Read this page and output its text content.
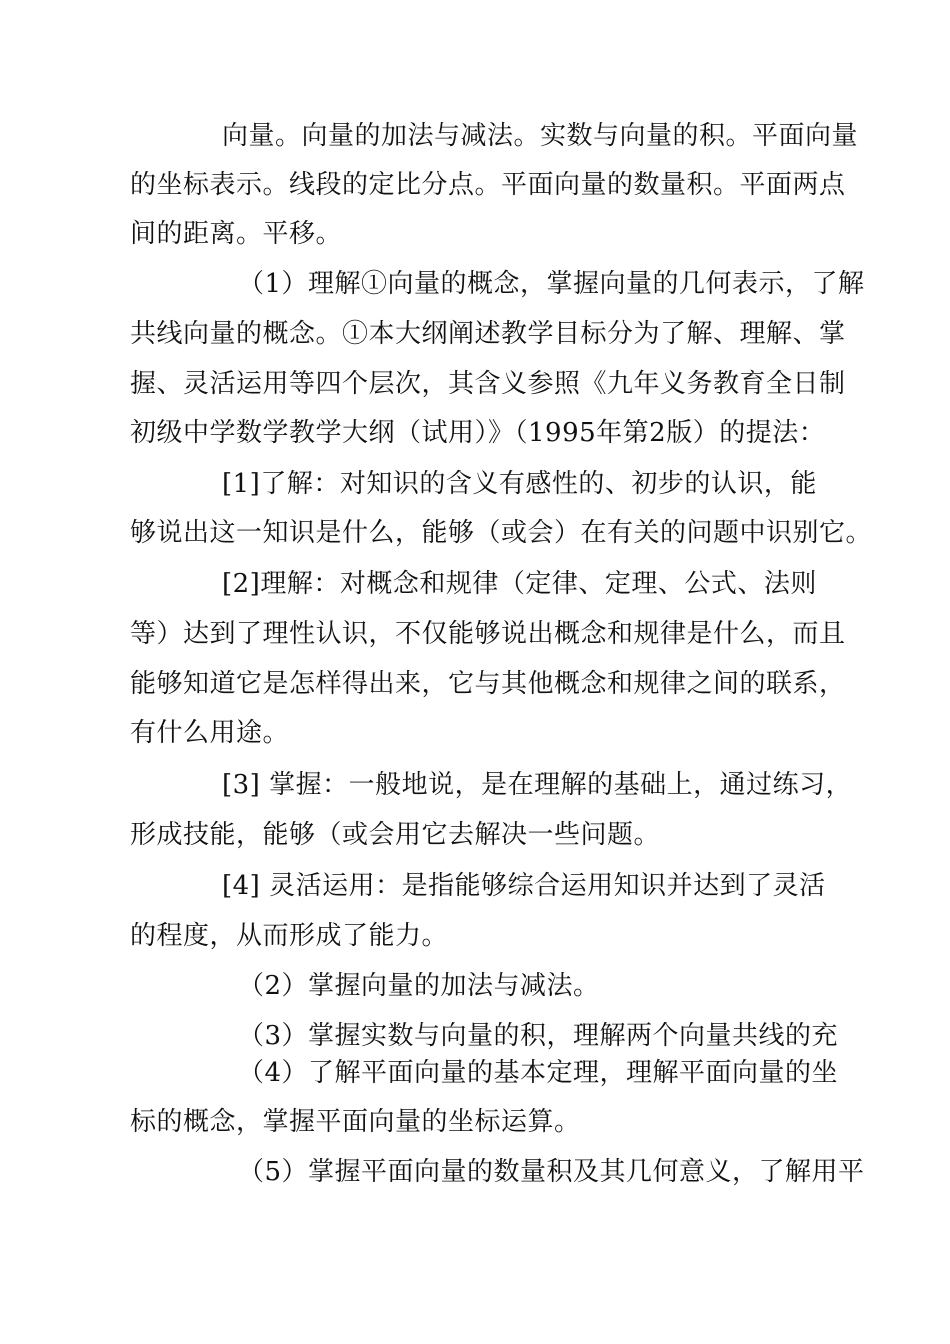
向量。向量的加法与减法。实数与向量的积。平面向量
的坐标表示。线段的定比分点。平面向量的数量积。平面两点
间的距离。平移。
（1）理解①向量的概念，掌握向量的几何表示，了解
共线向量的概念。①本大纲阐述教学目标分为了解、理解、掌
握、灵活运用等四个层次，其含义参照《九年义务教育全日制
初级中学数学教学大纲（试用）》（1995年第2版）的提法：
[1]了解：对知识的含义有感性的、初步的认识，能
够说出这一知识是什么，能够（或会）在有关的问题中识别它。
[2]理解：对概念和规律（定律、定理、公式、法则
等）达到了理性认识，不仅能够说出概念和规律是什么，而且
能够知道它是怎样得出来，它与其他概念和规律之间的联系，
有什么用途。
[3] 掌握：一般地说，是在理解的基础上，通过练习，
形成技能，能够（或会用它去解决一些问题。
[4] 灵活运用：是指能够综合运用知识并达到了灵活
的程度，从而形成了能力。
（2）掌握向量的加法与减法。
（3）掌握实数与向量的积，理解两个向量共线的充
（4）了解平面向量的基本定理，理解平面向量的坐
标的概念，掌握平面向量的坐标运算。
（5）掌握平面向量的数量积及其几何意义，了解用平
